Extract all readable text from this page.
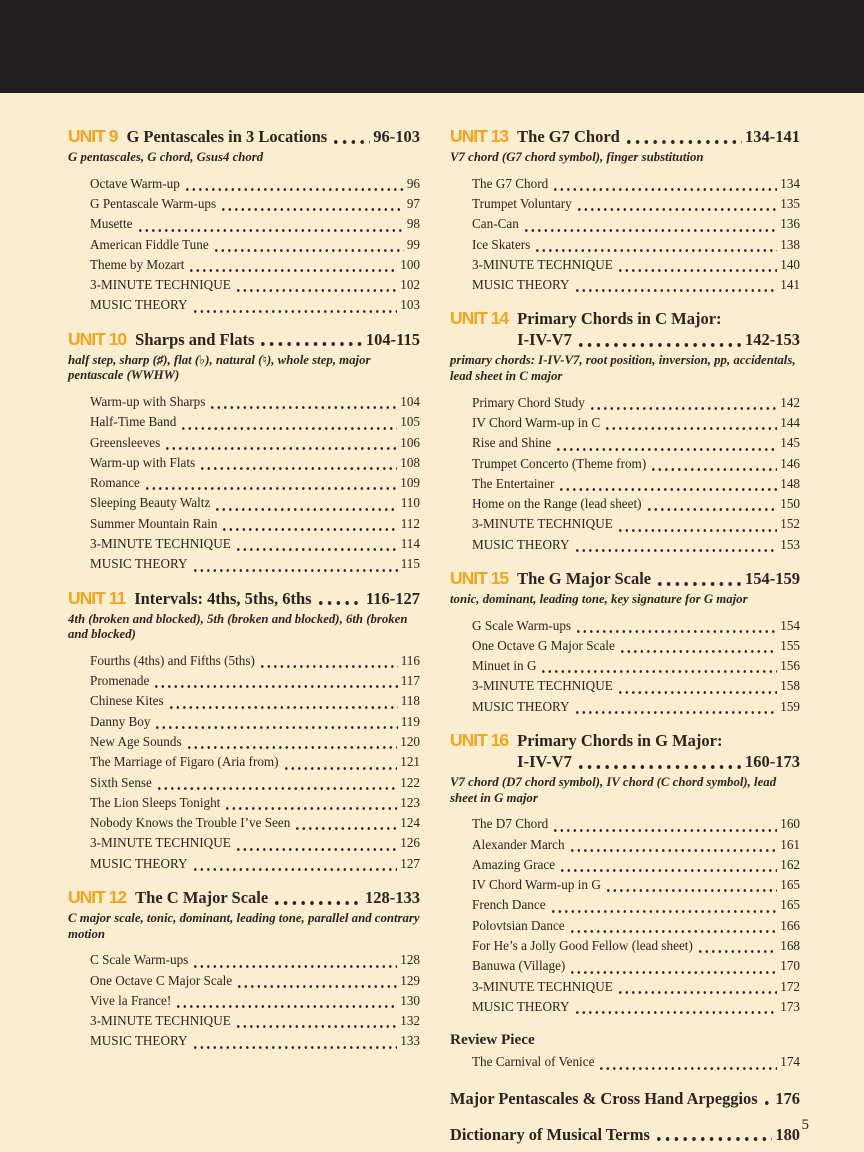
UNIT 9 G Pentascales in 3 Locations	96-103
G pentascales, G chord, Gsus4 chord
Octave Warm-up	96
G Pentascale Warm-ups	97
Musette	98
American Fiddle Tune	99
Theme by Mozart	100
3-MINUTE TECHNIQUE	102
MUSIC THEORY	103
UNIT 10 Sharps and Flats	104-115
half step, sharp (♯), flat (♭), natural (♮), whole step, major pentascale (WWHW)
Warm-up with Sharps	104
Half-Time Band	105
Greensleeves	106
Warm-up with Flats	108
Romance	109
Sleeping Beauty Waltz	110
Summer Mountain Rain	112
3-MINUTE TECHNIQUE	114
MUSIC THEORY	115
UNIT 11 Intervals: 4ths, 5ths, 6ths	116-127
4th (broken and blocked), 5th (broken and blocked), 6th (broken and blocked)
Fourths (4ths) and Fifths (5ths)	116
Promenade	117
Chinese Kites	118
Danny Boy	119
New Age Sounds	120
The Marriage of Figaro (Aria from)	121
Sixth Sense	122
The Lion Sleeps Tonight	123
Nobody Knows the Trouble I’ve Seen	124
3-MINUTE TECHNIQUE	126
MUSIC THEORY	127
UNIT 12 The C Major Scale	128-133
C major scale, tonic, dominant, leading tone, parallel and contrary motion
C Scale Warm-ups	128
One Octave C Major Scale	129
Vive la France!	130
3-MINUTE TECHNIQUE	132
MUSIC THEORY	133
UNIT 13 The G7 Chord	134-141
V7 chord (G7 chord symbol), finger substitution
The G7 Chord	134
Trumpet Voluntary	135
Can-Can	136
Ice Skaters	138
3-MINUTE TECHNIQUE	140
MUSIC THEORY	141
UNIT 14 Primary Chords in C Major:
I-IV-V7	142-153
primary chords: I-IV-V7, root position, inversion, pp, accidentals, lead sheet in C major
Primary Chord Study	142
IV Chord Warm-up in C	144
Rise and Shine	145
Trumpet Concerto (Theme from)	146
The Entertainer	148
Home on the Range (lead sheet)	150
3-MINUTE TECHNIQUE	152
MUSIC THEORY	153
UNIT 15 The G Major Scale	154-159
tonic, dominant, leading tone, key signature for G major
G Scale Warm-ups	154
One Octave G Major Scale	155
Minuet in G	156
3-MINUTE TECHNIQUE	158
MUSIC THEORY	159
UNIT 16 Primary Chords in G Major:
I-IV-V7	160-173
V7 chord (D7 chord symbol), IV chord (C chord symbol), lead sheet in G major
The D7 Chord	160
Alexander March	161
Amazing Grace	162
IV Chord Warm-up in G	165
French Dance	165
Polovtsian Dance	166
For He’s a Jolly Good Fellow (lead sheet)	168
Banuwa (Village)	170
3-MINUTE TECHNIQUE	172
MUSIC THEORY	173
Review Piece
The Carnival of Venice	174
Major Pentascales & Cross Hand Arpeggios 176
Dictionary of Musical Terms	180 5
